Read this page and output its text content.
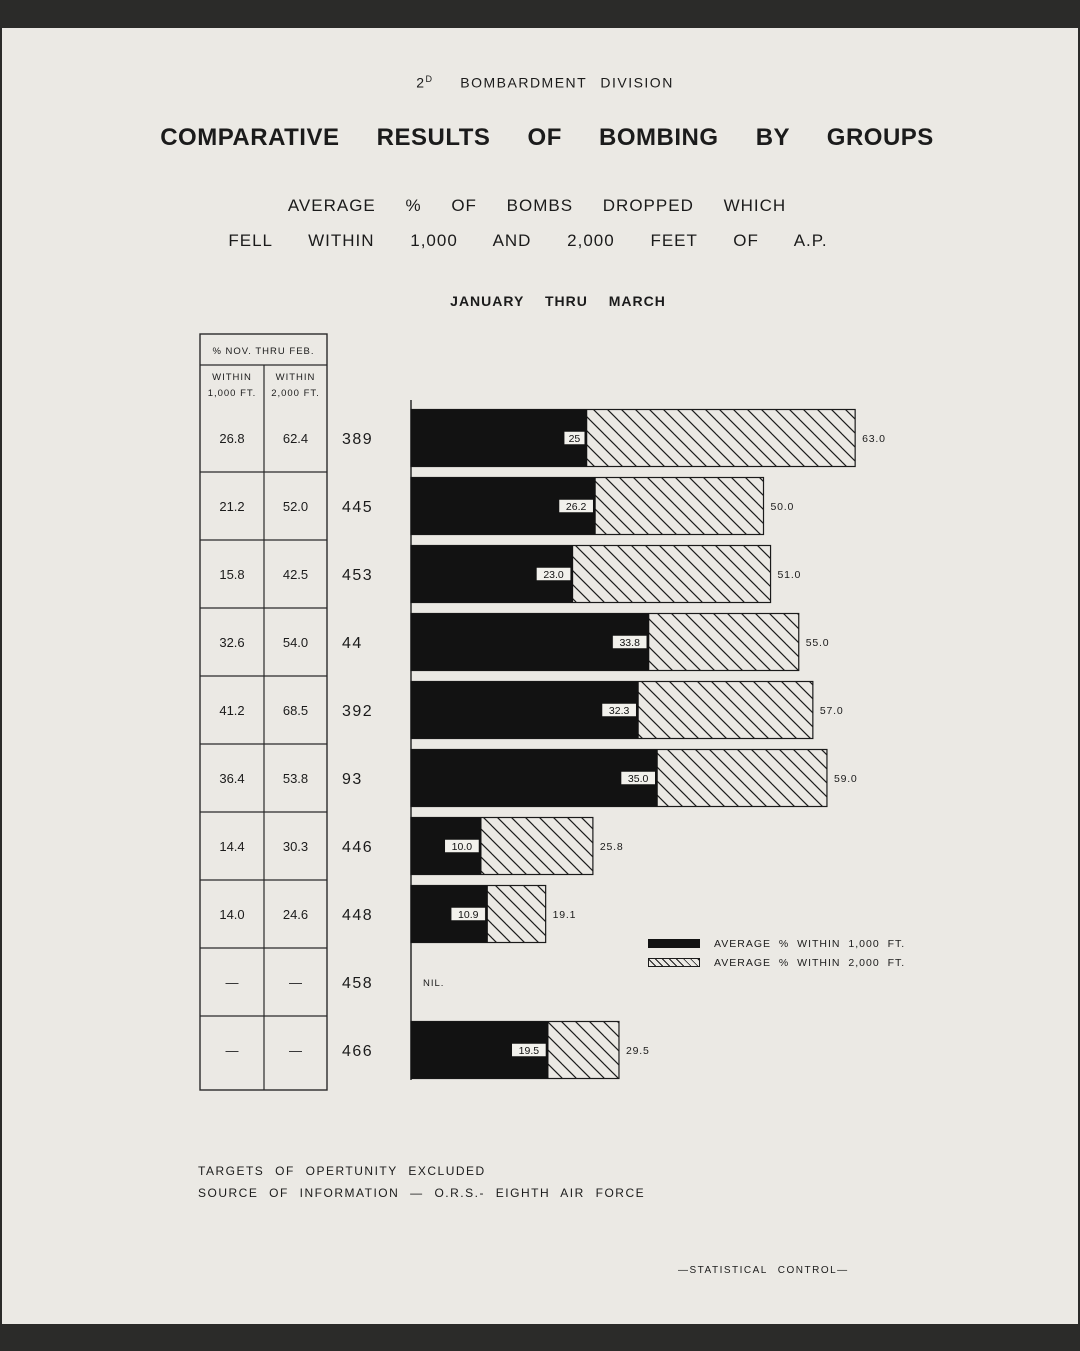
$2^D$ BOMBARDMENT DIVISION
COMPARATIVE RESULTS OF BOMBING BY GROUPS
AVERAGE % OF BOMBS DROPPED WHICH
FELL WITHIN 1,000 AND 2,000 FEET OF A.P.
JANUARY THRU MARCH
% NOV. THRU FEB.
WITHIN
1,000 FT.
WITHIN
2,000 FT.
26.8	62.4
21.2	52.0
15.8	42.5
32.6	54.0
41.2	68.5
36.4	53.8
14.4	30.3
14.0	24.6
—	—
—	—
389	25	63.0
445	26.2	50.0
453	23.0	51.0
44	33.8	55.0
392	32.3	57.0
93	35.0	59.0
446	10.0	25.8
448	10.9	19.1
458	NIL.
466	19.5	29.5
AVERAGE % WITHIN 1,000 FT.
AVERAGE % WITHIN 2,000 FT.
TARGETS OF OPERTUNITY EXCLUDED
SOURCE OF INFORMATION — O.R.S.- EIGHTH AIR FORCE
—STATISTICAL CONTROL—
